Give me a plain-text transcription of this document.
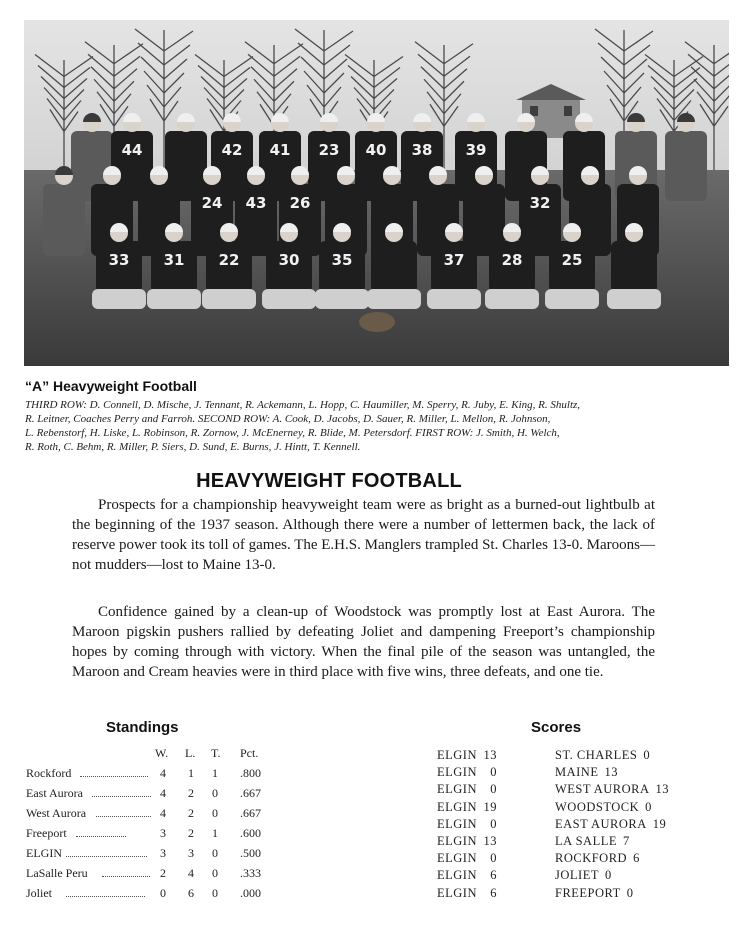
44	42 41 23 40 38 39
24 43 26	32
33 31 22	30 35	37 28	25
“A” Heavyweight Football
THIRD ROW: D. Connell, D. Mische, J. Tennant, R. Ackemann, L. Hopp, C. Haumiller, M. Sperry, R. Juby, E. King, R. Shultz,
R. Leitner, Coaches Perry and Farroh. SECOND ROW: A. Cook, D. Jacobs, D. Sauer, R. Miller, L. Mellon, R. Johnson,
L. Rebenstorf, H. Liske, L. Robinson, R. Zornow, J. McEnerney, R. Blide, M. Petersdorf. FIRST ROW: J. Smith, H. Welch,
R. Roth, C. Behm, R. Miller, P. Siers, D. Sund, E. Burns, J. Hintt, T. Kennell.
HEAVYWEIGHT FOOTBALL
Prospects for a championship heavyweight team were as bright as a burned-out lightbulb at the beginning of the 1937 season. Although there were a number of lettermen back, the lack of reserve power took its toll of games. The E.H.S. Manglers trampled St. Charles 13-0. Maroons—not mudders—lost to Maine 13-0.
Confidence gained by a clean-up of Woodstock was promptly lost at East Aurora. The Maroon pigskin pushers rallied by defeating Joliet and dampening Freeport’s championship hopes by coming through with victory. When the final pile of the season was untangled, the Maroon and Cream heavies were in third place with five wins, three defeats, and one tie.
Standings
W. L. T. Pct.
Rockford	4 1 1 .800
East Aurora	4 2 0 .667
West Aurora	4 2 0 .667
Freeport	3 2 1 .600
ELGIN	3 3 0 .500
LaSalle Peru	2 4 0 .333
Joliet	0 6 0 .000
Scores
ELGIN 13	ST. CHARLES 0
ELGIN	0	MAINE 13
ELGIN	0	WEST AURORA 13
ELGIN 19	WOODSTOCK 0
ELGIN	0	EAST AURORA 19
ELGIN 13	LA SALLE 7
ELGIN	0	ROCKFORD 6
ELGIN	6	JOLIET 0
ELGIN	6	FREEPORT 0
